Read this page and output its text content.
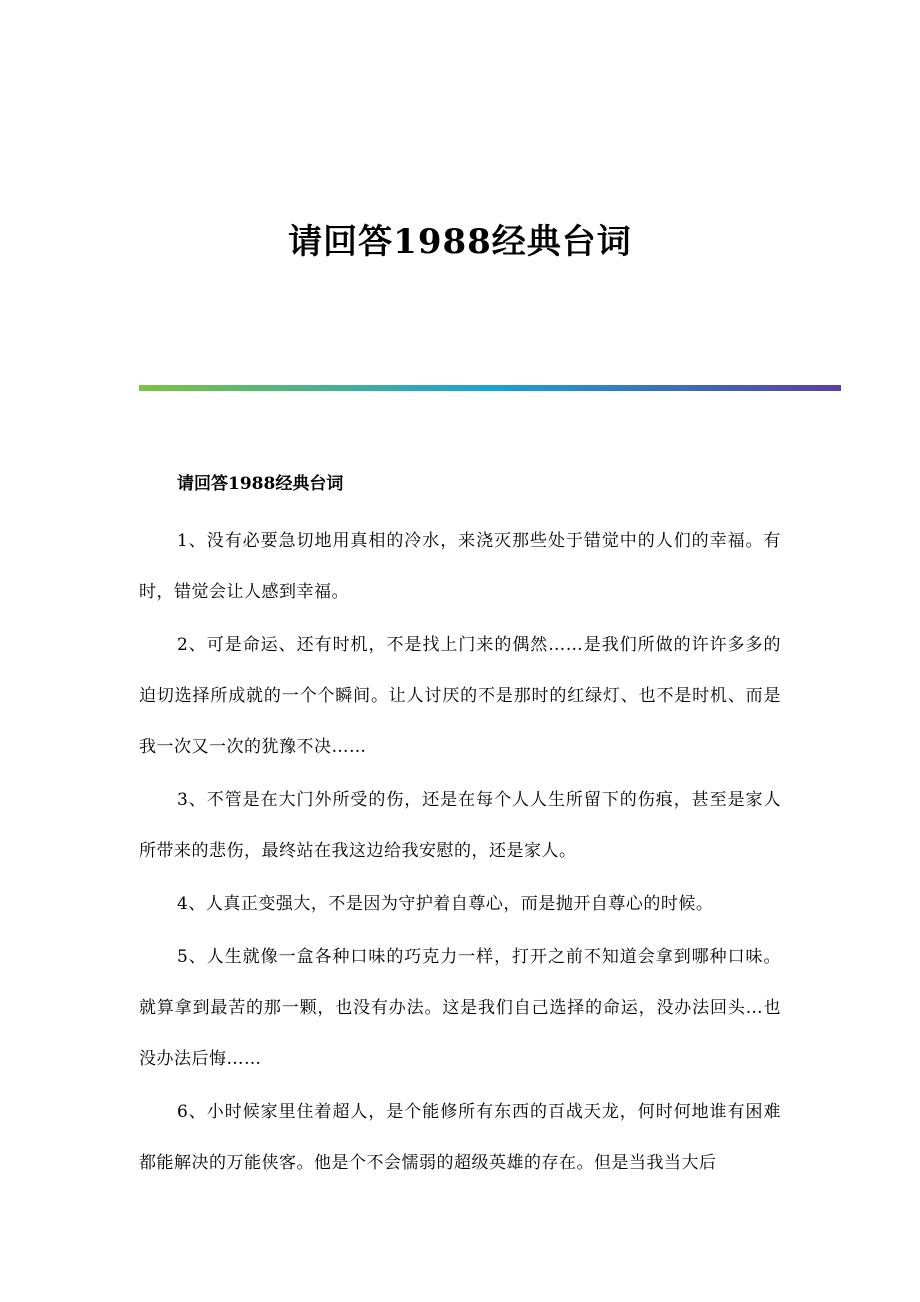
请回答1988经典台词
请回答1988经典台词

1、没有必要急切地用真相的冷水，来浇灭那些处于错觉中的人们的幸福。有时，错觉会让人感到幸福。

2、可是命运、还有时机，不是找上门来的偶然……是我们所做的许许多多的迫切选择所成就的一个个瞬间。让人讨厌的不是那时的红绿灯、也不是时机、而是我一次又一次的犹豫不决……

3、不管是在大门外所受的伤，还是在每个人人生所留下的伤痕，甚至是家人所带来的悲伤，最终站在我这边给我安慰的，还是家人。

4、人真正变强大，不是因为守护着自尊心，而是抛开自尊心的时候。

5、人生就像一盒各种口味的巧克力一样，打开之前不知道会拿到哪种口味。就算拿到最苦的那一颗，也没有办法。这是我们自己选择的命运，没办法回头…也没办法后悔……

6、小时候家里住着超人，是个能修所有东西的百战天龙，何时何地谁有困难都能解决的万能侠客。他是个不会懦弱的超级英雄的存在。但是当我当大后
